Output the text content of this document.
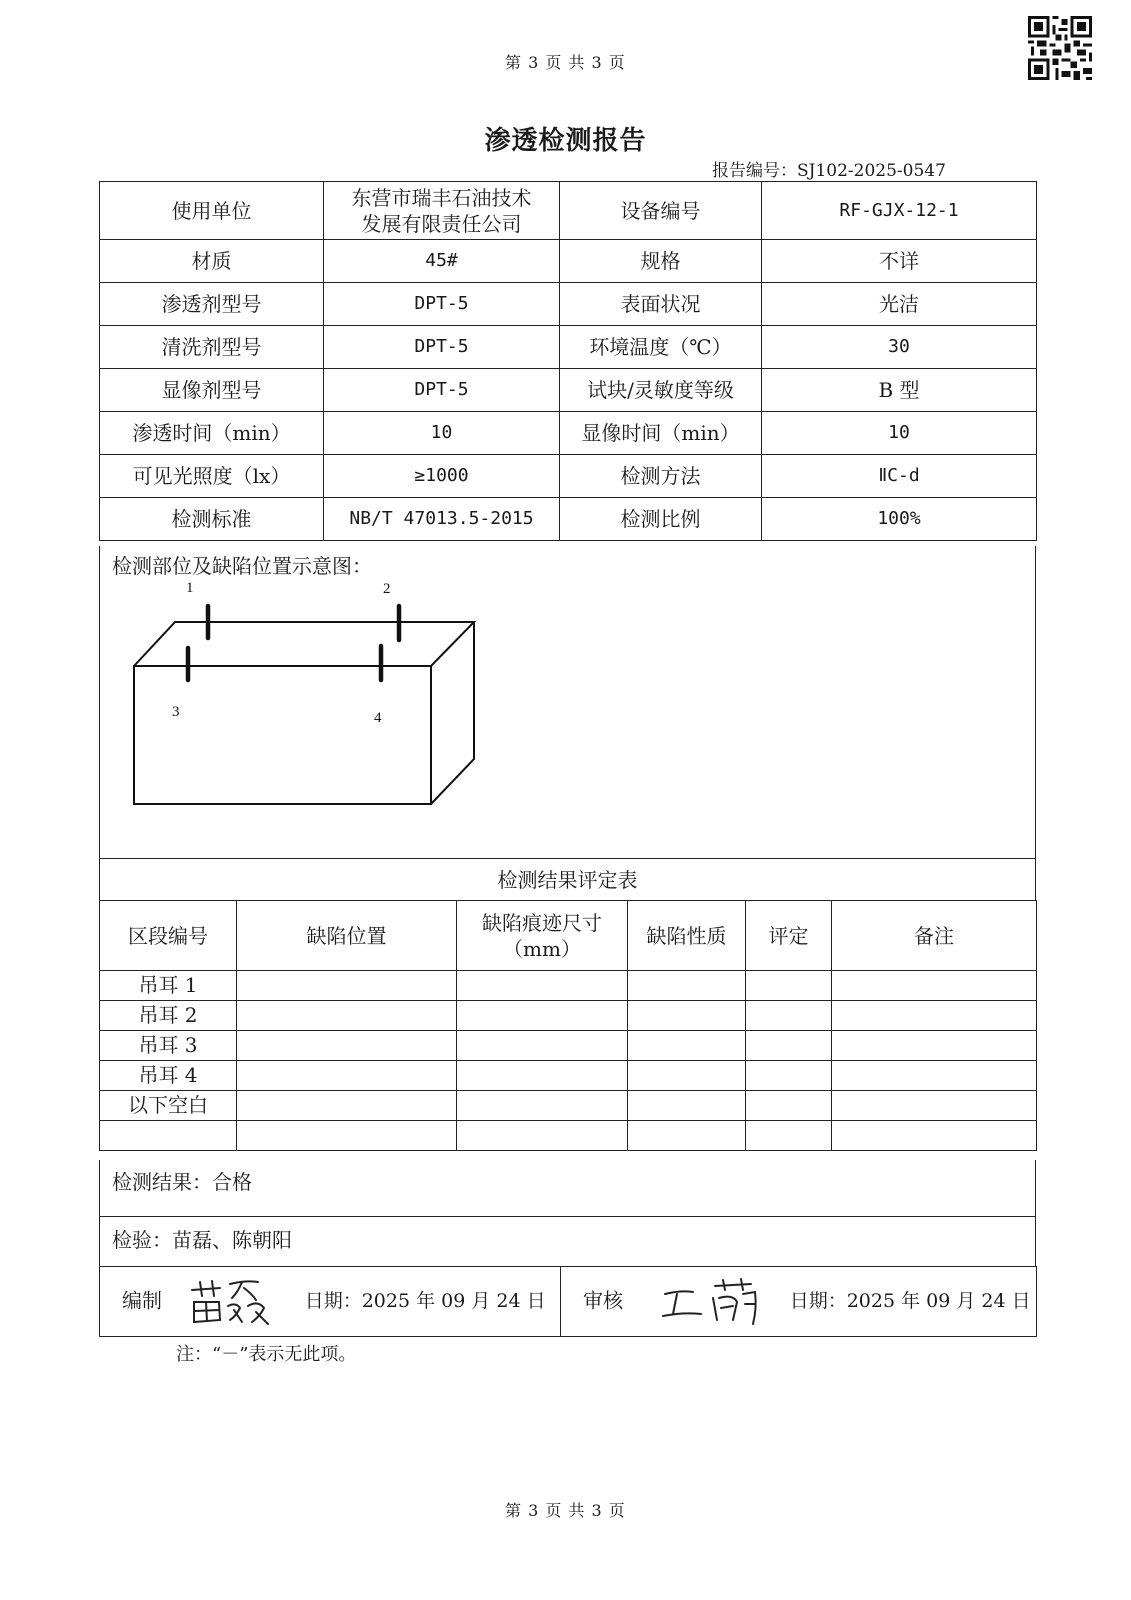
第 3 页 共 3 页
渗透检测报告
报告编号：SJ102-2025-0547
使用单位	东营市瑞丰石油技术发展有限责任公司	设备编号	RF-GJX-12-1
材质	45#	规格	不详
渗透剂型号	DPT-5	表面状况	光洁
清洗剂型号	DPT-5	环境温度（℃）	30
显像剂型号	DPT-5	试块/灵敏度等级	B 型
渗透时间（min）	10	显像时间（min）	10
可见光照度（lx）	≥1000	检测方法	ⅡC-d
检测标准	NB/T 47013.5-2015	检测比例	100%
检测部位及缺陷位置示意图：
1	2
3	4
检测结果评定表
区段编号	缺陷位置	缺陷痕迹尺寸（mm）	缺陷性质	评定	备注
吊耳 1					
吊耳 2					
吊耳 3					
吊耳 4					
以下空白					

检测结果：合格
检验：苗磊、陈朝阳
编制	日期：2025 年 09 月 24 日	审核	日期：2025 年 09 月 24 日
注：“－”表示无此项。
第 3 页 共 3 页
